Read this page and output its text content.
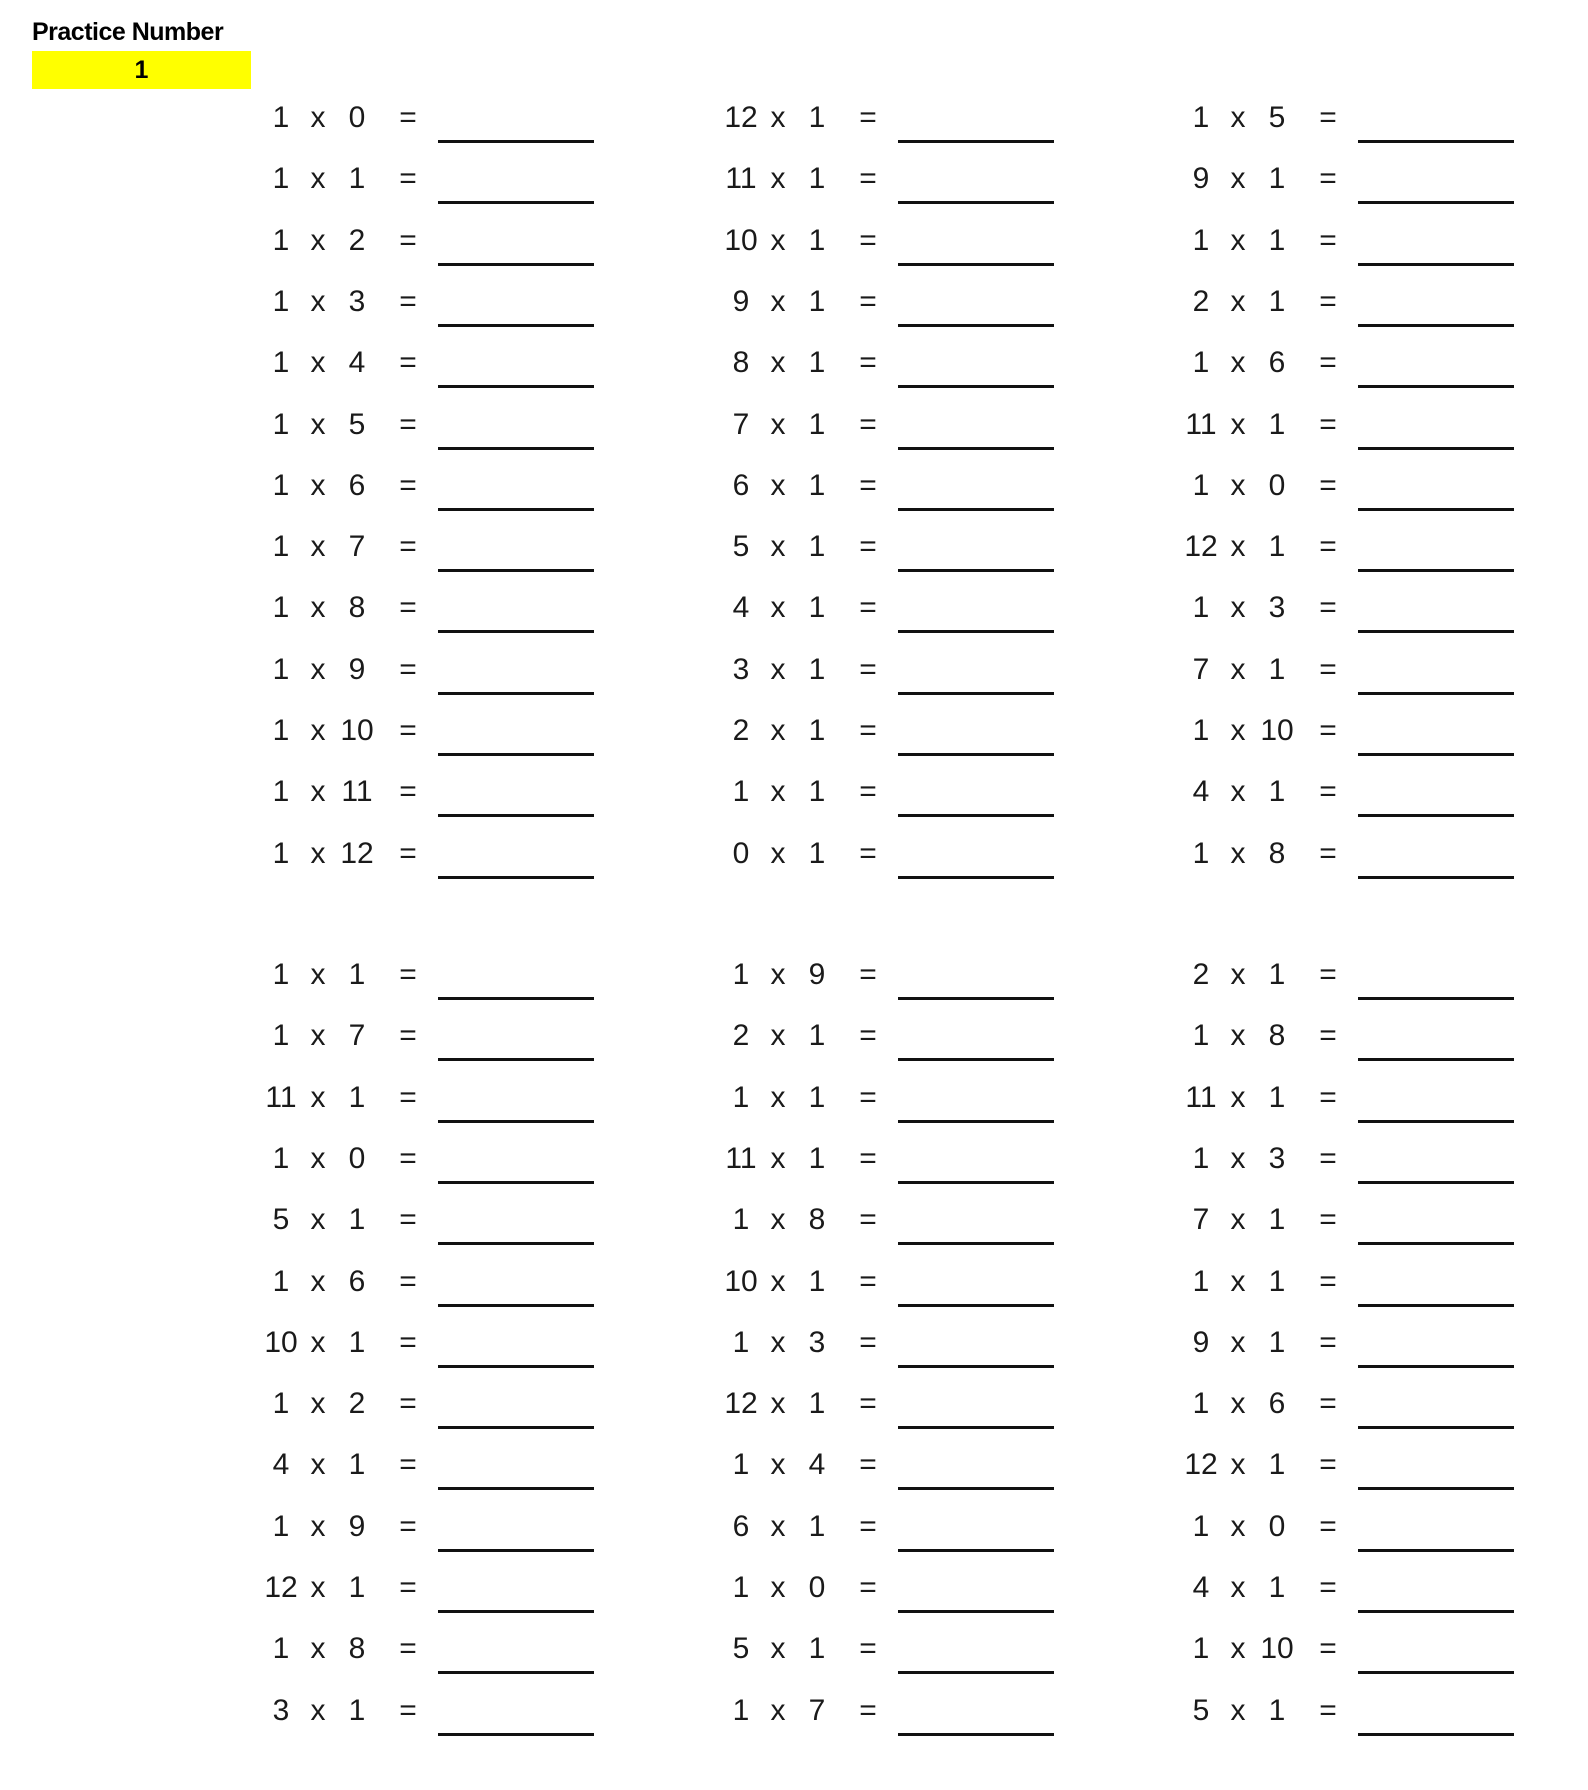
Practice Number
1
1 x 0	=
1 x 1	=
1 x 2	=
1 x 3	=
1 x 4	=
1 x 5	=
1 x 6	=
1 x 7	=
1 x 8	=
1 x 9	=
1 x 10 =
1 x 11 =
1 x 12 =
12 x 1	=
11 x 1	=
10 x 1	=
9 x 1	=
8 x 1	=
7 x 1	=
6 x 1	=
5 x 1	=
4 x 1	=
3 x 1	=
2 x 1	=
1 x 1	=
0 x 1	=
1 x 5	=
9 x 1	=
1 x 1	=
2 x 1	=
1 x 6	=
11 x 1	=
1 x 0	=
12 x 1	=
1 x 3	=
7 x 1	=
1 x 10 =
4 x 1	=
1 x 8	=
1 x 1	=
1 x 7	=
11 x 1	=
1 x 0	=
5 x 1	=
1 x 6	=
10 x 1	=
1 x 2	=
4 x 1	=
1 x 9	=
12 x 1	=
1 x 8	=
3 x 1	=
1 x 9	=
2 x 1	=
1 x 1	=
11 x 1	=
1 x 8	=
10 x 1	=
1 x 3	=
12 x 1	=
1 x 4	=
6 x 1	=
1 x 0	=
5 x 1	=
1 x 7	=
2 x 1	=
1 x 8	=
11 x 1	=
1 x 3	=
7 x 1	=
1 x 1	=
9 x 1	=
1 x 6	=
12 x 1	=
1 x 0	=
4 x 1	=
1 x 10 =
5 x 1	=
